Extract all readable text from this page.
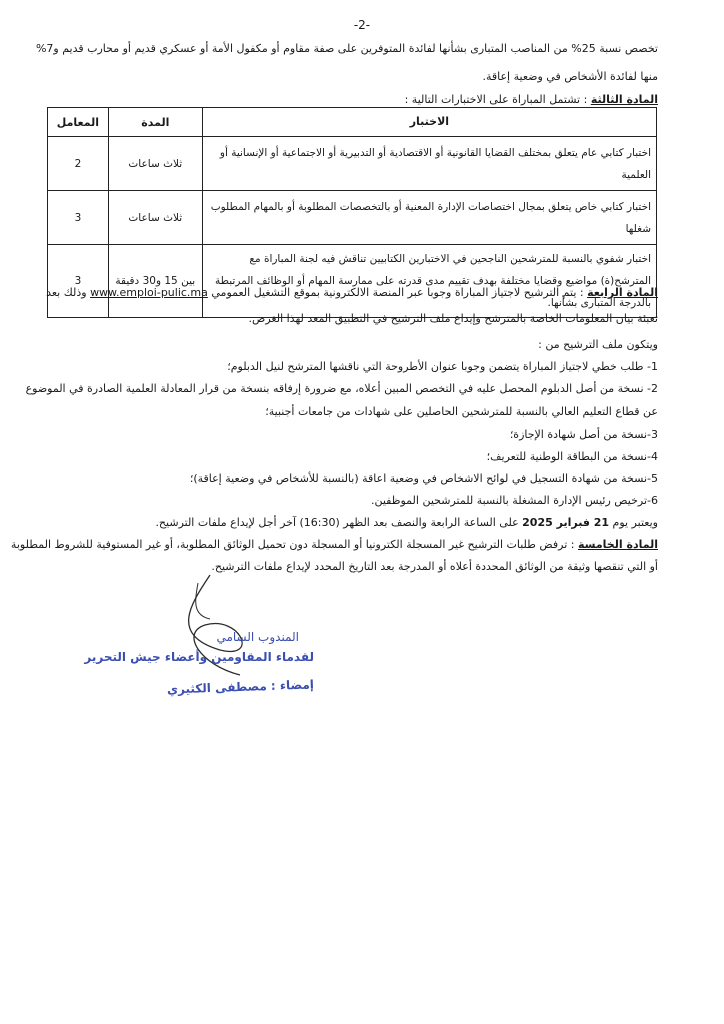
-2-
تخصص نسبة 25% من المناصب المتبارى بشأنها لفائدة المتوفرين على صفة مقاوم أو مكفول الأمة أو عسكري قديم أو محارب قديم و7%
منها لفائدة الأشخاص في وضعية إعاقة.
المادة الثالثة : تشتمل المباراة على الاختبارات التالية :
الاختبار	المدة	المعامل
اختبار كتابي عام يتعلق بمختلف القضايا القانونية أو الاقتصادية أو التدبيرية أو الاجتماعية أو الإنسانية أو العلمية	ثلاث ساعات	2
اختبار كتابي خاص يتعلق بمجال اختصاصات الإدارة المعنية أو بالتخصصات المطلوبة أو بالمهام المطلوب شغلها	ثلاث ساعات	3
اختبار شفوي بالنسبة للمترشحين الناجحين في الاختبارين الكتابيين تناقش فيه لجنة المباراة مع المترشح(ة) مواضيع وقضايا مختلفة بهدف تقييم مدى قدرته على ممارسة المهام أو الوظائف المرتبطة بالدرجة المتبارى بشأنها.	بين 15 و30 دقيقة	3
المادة الرابعة : يتم الترشيح لاجتياز المباراة وجوبا عبر المنصة الالكترونية بموقع التشغيل العمومي www.emploi-pulic.ma وذلك بعد
تعبئة بيان المعلومات الخاصة بالمترشح وإيداع ملف الترشيح في التطبيق المعد لهذا الغرض.
ويتكون ملف الترشيح من :
1- طلب خطي لاجتياز المباراة يتضمن وجوبا عنوان الأطروحة التي ناقشها المترشح لنيل الدبلوم؛
2- نسخة من أصل الدبلوم المحصل عليه في التخصص المبين أعلاه، مع ضرورة إرفاقه بنسخة من قرار المعادلة العلمية الصادرة في الموضوع
عن قطاع التعليم العالي بالنسبة للمترشحين الحاصلين على شهادات من جامعات أجنبية؛
3-نسخة من أصل شهادة الإجازة؛
4-نسخة من البطاقة الوطنية للتعريف؛
5-نسخة من شهادة التسجيل في لوائح الاشخاص في وضعية اعاقة (بالنسبة للأشخاص في وضعية إعاقة)؛
6-ترخيص رئيس الإدارة المشغلة بالنسبة للمترشحين الموظفين.
ويعتبر يوم 21 فبراير 2025 على الساعة الرابعة والنصف بعد الظهر (16:30) آخر أجل لإيداع ملفات الترشيح.
المادة الخامسة : ترفض طلبات الترشيح غير المسجلة الكترونيا أو المسجلة دون تحميل الوثائق المطلوبة، أو غير المستوفية للشروط المطلوبة
أو التي تنقصها وثيقة من الوثائق المحددة أعلاه أو المدرجة بعد التاريخ المحدد لإيداع ملفات الترشيح.
المندوب السامي
لقدماء المقاومين وأعضاء جيش التحرير
إمضاء : مصطفى الكثيري
